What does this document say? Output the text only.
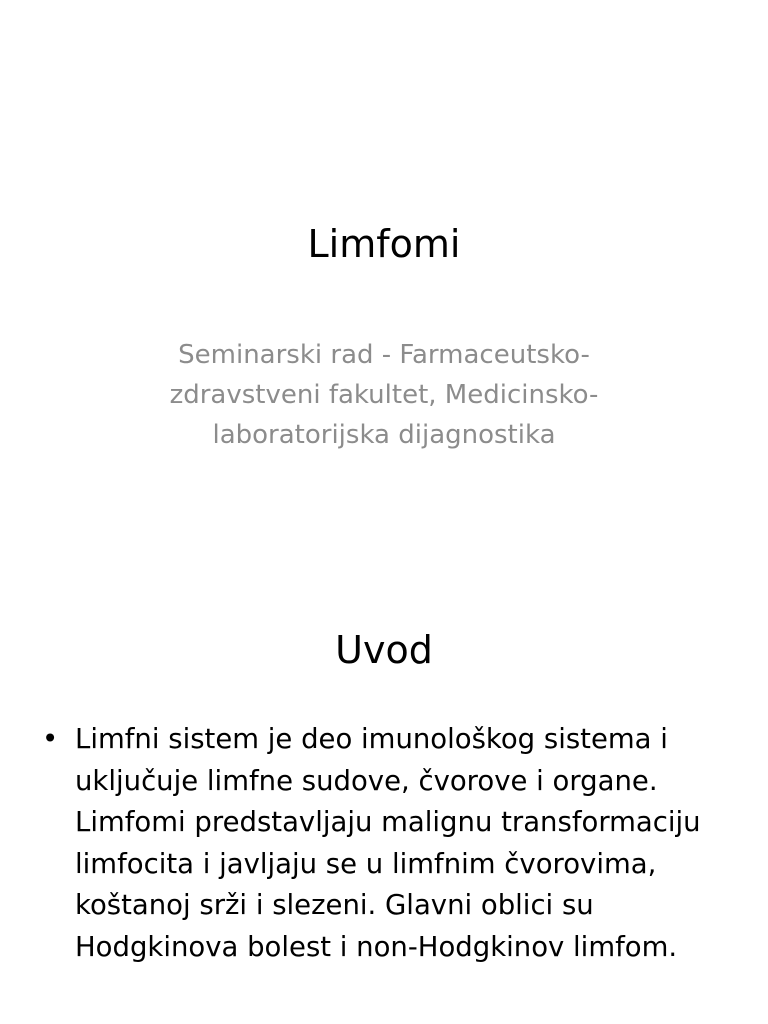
Limfomi
Seminarski rad - Farmaceutsko-zdravstveni fakultet, Medicinsko-laboratorijska dijagnostika
Uvod
• Limfni sistem je deo imunološkog sistema i uključuje limfne sudove, čvorove i organe. Limfomi predstavljaju malignu transformaciju limfocita i javljaju se u limfnim čvorovima, koštanoj srži i slezeni. Glavni oblici su Hodgkinova bolest i non-Hodgkinov limfom.
